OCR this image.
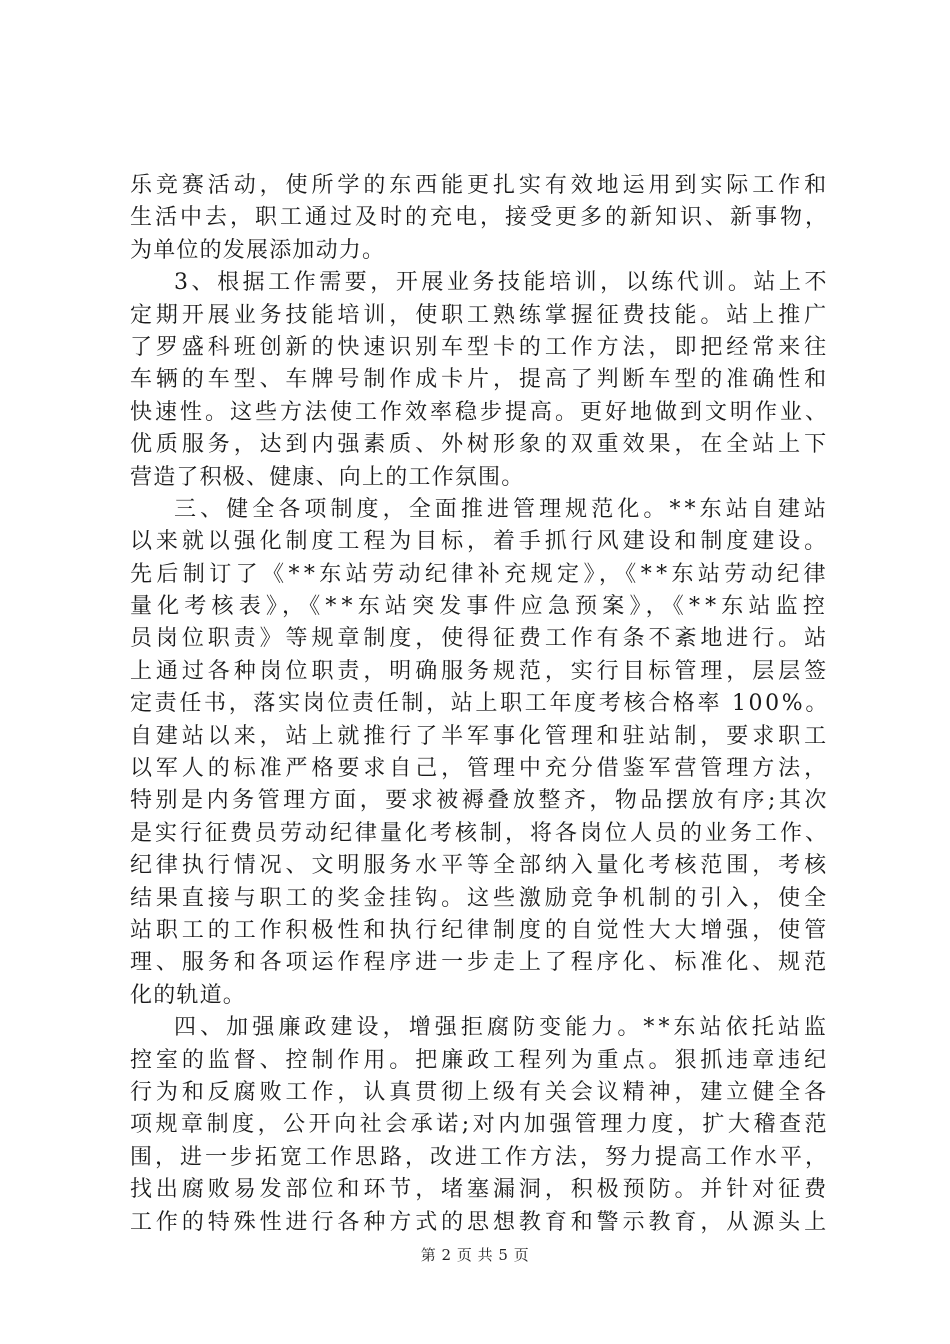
乐竞赛活动，使所学的东西能更扎实有效地运用到实际工作和
生活中去，职工通过及时的充电，接受更多的新知识、新事物，
为单位的发展添加动力。
3、根据工作需要，开展业务技能培训，以练代训。站上不
定期开展业务技能培训，使职工熟练掌握征费技能。站上推广
了罗盛科班创新的快速识别车型卡的工作方法，即把经常来往
车辆的车型、车牌号制作成卡片，提高了判断车型的准确性和
快速性。这些方法使工作效率稳步提高。更好地做到文明作业、
优质服务，达到内强素质、外树形象的双重效果，在全站上下
营造了积极、健康、向上的工作氛围。
三、健全各项制度，全面推进管理规范化。**东站自建站
以来就以强化制度工程为目标，着手抓行风建设和制度建设。
先后制订了《**东站劳动纪律补充规定》，《**东站劳动纪律
量化考核表》，《**东站突发事件应急预案》，《**东站监控
员岗位职责》等规章制度，使得征费工作有条不紊地进行。站
上通过各种岗位职责，明确服务规范，实行目标管理，层层签
定责任书，落实岗位责任制，站上职工年度考核合格率 100%。
自建站以来，站上就推行了半军事化管理和驻站制，要求职工
以军人的标准严格要求自己，管理中充分借鉴军营管理方法，
特别是内务管理方面，要求被褥叠放整齐，物品摆放有序;其次
是实行征费员劳动纪律量化考核制，将各岗位人员的业务工作、
纪律执行情况、文明服务水平等全部纳入量化考核范围，考核
结果直接与职工的奖金挂钩。这些激励竞争机制的引入，使全
站职工的工作积极性和执行纪律制度的自觉性大大增强，使管
理、服务和各项运作程序进一步走上了程序化、标准化、规范
化的轨道。
四、加强廉政建设，增强拒腐防变能力。**东站依托站监
控室的监督、控制作用。把廉政工程列为重点。狠抓违章违纪
行为和反腐败工作，认真贯彻上级有关会议精神，建立健全各
项规章制度，公开向社会承诺;对内加强管理力度，扩大稽查范
围，进一步拓宽工作思路，改进工作方法，努力提高工作水平，
找出腐败易发部位和环节，堵塞漏洞，积极预防。并针对征费
工作的特殊性进行各种方式的思想教育和警示教育，从源头上
第 2 页 共 5 页
